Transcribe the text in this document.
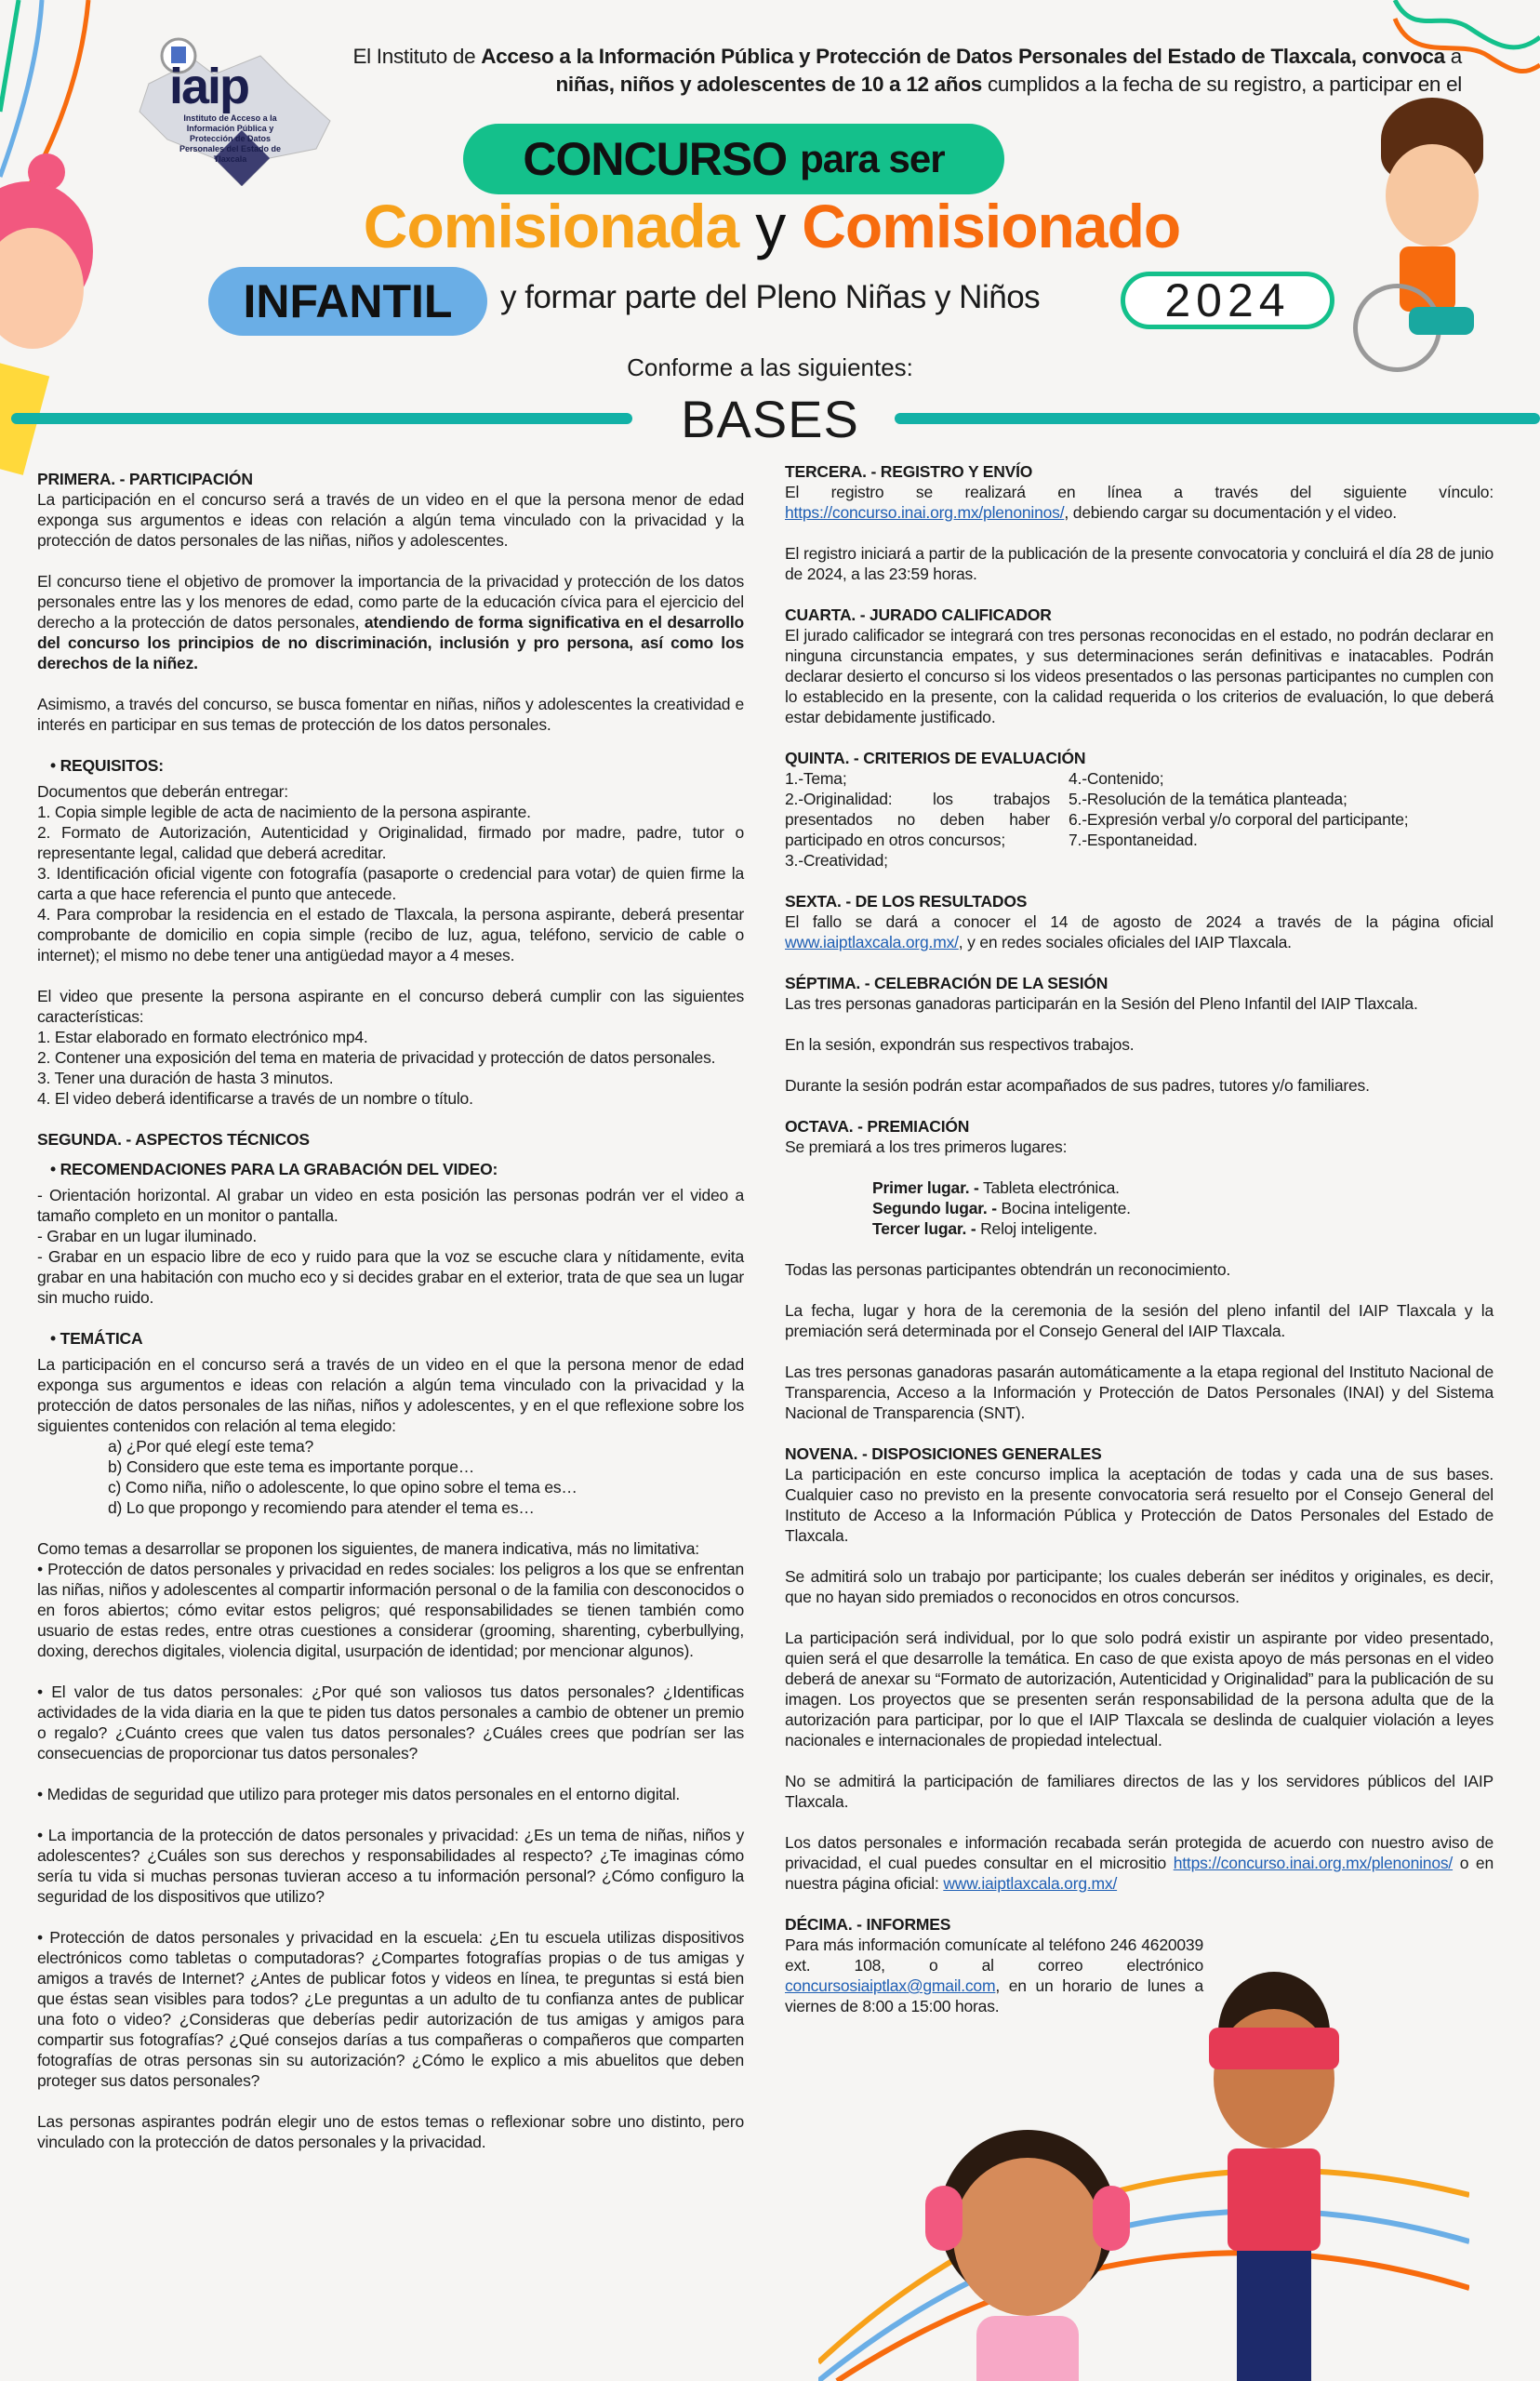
iaip
Instituto de Acceso a la Información Pública y Protección de Datos Personales del Estado de Tlaxcala
El Instituto de Acceso a la Información Pública y Protección de Datos Personales del Estado de Tlaxcala, convoca a niñas, niños y adolescentes de 10 a 12 años cumplidos a la fecha de su registro, a participar en el
CONCURSO para ser
Comisionada y Comisionado
INFANTIL	y formar parte del Pleno Niñas y Niños	2024
Conforme a las siguientes:
BASES
PRIMERA. - PARTICIPACIÓN
La participación en el concurso será a través de un video en el que la persona menor de edad exponga sus argumentos e ideas con relación a algún tema vinculado con la privacidad y la protección de datos personales de las niñas, niños y adolescentes.
El concurso tiene el objetivo de promover la importancia de la privacidad y protección de los datos personales entre las y los menores de edad, como parte de la educación cívica para el ejercicio del derecho a la protección de datos personales, atendiendo de forma significativa en el desarrollo del concurso los principios de no discriminación, inclusión y pro persona, así como los derechos de la niñez.
Asimismo, a través del concurso, se busca fomentar en niñas, niños y adolescentes la creatividad e interés en participar en sus temas de protección de los datos personales.
• REQUISITOS:
Documentos que deberán entregar:
1. Copia simple legible de acta de nacimiento de la persona aspirante.
2. Formato de Autorización, Autenticidad y Originalidad, firmado por madre, padre, tutor o representante legal, calidad que deberá acreditar.
3. Identificación oficial vigente con fotografía (pasaporte o credencial para votar) de quien firme la carta a que hace referencia el punto que antecede.
4. Para comprobar la residencia en el estado de Tlaxcala, la persona aspirante, deberá presentar comprobante de domicilio en copia simple (recibo de luz, agua, teléfono, servicio de cable o internet); el mismo no debe tener una antigüedad mayor a 4 meses.
El video que presente la persona aspirante en el concurso deberá cumplir con las siguientes características:
1. Estar elaborado en formato electrónico mp4.
2. Contener una exposición del tema en materia de privacidad y protección de datos personales.
3. Tener una duración de hasta 3 minutos.
4. El video deberá identificarse a través de un nombre o título.
SEGUNDA. - ASPECTOS TÉCNICOS
• RECOMENDACIONES PARA LA GRABACIÓN DEL VIDEO:
- Orientación horizontal. Al grabar un video en esta posición las personas podrán ver el video a tamaño completo en un monitor o pantalla.
- Grabar en un lugar iluminado.
- Grabar en un espacio libre de eco y ruido para que la voz se escuche clara y nítidamente, evita grabar en una habitación con mucho eco y si decides grabar en el exterior, trata de que sea un lugar sin mucho ruido.
• TEMÁTICA
La participación en el concurso será a través de un video en el que la persona menor de edad exponga sus argumentos e ideas con relación a algún tema vinculado con la privacidad y la protección de datos personales de las niñas, niños y adolescentes, y en el que reflexione sobre los siguientes contenidos con relación al tema elegido:
a) ¿Por qué elegí este tema?
b) Considero que este tema es importante porque…
c) Como niña, niño o adolescente, lo que opino sobre el tema es…
d) Lo que propongo y recomiendo para atender el tema es…
Como temas a desarrollar se proponen los siguientes, de manera indicativa, más no limitativa:
• Protección de datos personales y privacidad en redes sociales: los peligros a los que se enfrentan las niñas, niños y adolescentes al compartir información personal o de la familia con desconocidos o en foros abiertos; cómo evitar estos peligros; qué responsabilidades se tienen también como usuario de estas redes, entre otras cuestiones a considerar (grooming, sharenting, cyberbullying, doxing, derechos digitales, violencia digital, usurpación de identidad; por mencionar algunos).
• El valor de tus datos personales: ¿Por qué son valiosos tus datos personales? ¿Identificas actividades de la vida diaria en la que te piden tus datos personales a cambio de obtener un premio o regalo? ¿Cuánto crees que valen tus datos personales? ¿Cuáles crees que podrían ser las consecuencias de proporcionar tus datos personales?
• Medidas de seguridad que utilizo para proteger mis datos personales en el entorno digital.
• La importancia de la protección de datos personales y privacidad: ¿Es un tema de niñas, niños y adolescentes? ¿Cuáles son sus derechos y responsabilidades al respecto? ¿Te imaginas cómo sería tu vida si muchas personas tuvieran acceso a tu información personal? ¿Cómo configuro la seguridad de los dispositivos que utilizo?
• Protección de datos personales y privacidad en la escuela: ¿En tu escuela utilizas dispositivos electrónicos como tabletas o computadoras? ¿Compartes fotografías propias o de tus amigas y amigos a través de Internet? ¿Antes de publicar fotos y videos en línea, te preguntas si está bien que éstas sean visibles para todos? ¿Le preguntas a un adulto de tu confianza antes de publicar una foto o video? ¿Consideras que deberías pedir autorización de tus amigas y amigos para compartir sus fotografías? ¿Qué consejos darías a tus compañeras o compañeros que comparten fotografías de otras personas sin su autorización? ¿Cómo le explico a mis abuelitos que deben proteger sus datos personales?
Las personas aspirantes podrán elegir uno de estos temas o reflexionar sobre uno distinto, pero vinculado con la protección de datos personales y la privacidad.
TERCERA. - REGISTRO Y ENVÍO
El registro se realizará en línea a través del siguiente vínculo: https://concurso.inai.org.mx/plenoninos/, debiendo cargar su documentación y el video.
El registro iniciará a partir de la publicación de la presente convocatoria y concluirá el día 28 de junio de 2024, a las 23:59 horas.
CUARTA. - JURADO CALIFICADOR
El jurado calificador se integrará con tres personas reconocidas en el estado, no podrán declarar en ninguna circunstancia empates, y sus determinaciones serán definitivas e inatacables. Podrán declarar desierto el concurso si los videos presentados o las personas participantes no cumplen con lo establecido en la presente, con la calidad requerida o los criterios de evaluación, lo que deberá estar debidamente justificado.
QUINTA. - CRITERIOS DE EVALUACIÓN
1.-Tema;
2.-Originalidad: los trabajos presentados no deben haber participado en otros concursos;
3.-Creatividad;
4.-Contenido;
5.-Resolución de la temática planteada;
6.-Expresión verbal y/o corporal del participante;
7.-Espontaneidad.
SEXTA. - DE LOS RESULTADOS
El fallo se dará a conocer el 14 de agosto de 2024 a través de la página oficial www.iaiptlaxcala.org.mx/, y en redes sociales oficiales del IAIP Tlaxcala.
SÉPTIMA. - CELEBRACIÓN DE LA SESIÓN
Las tres personas ganadoras participarán en la Sesión del Pleno Infantil del IAIP Tlaxcala.
En la sesión, expondrán sus respectivos trabajos.
Durante la sesión podrán estar acompañados de sus padres, tutores y/o familiares.
OCTAVA. - PREMIACIÓN
Se premiará a los tres primeros lugares:
Primer lugar. - Tableta electrónica.
Segundo lugar. - Bocina inteligente.
Tercer lugar. - Reloj inteligente.
Todas las personas participantes obtendrán un reconocimiento.
La fecha, lugar y hora de la ceremonia de la sesión del pleno infantil del IAIP Tlaxcala y la premiación será determinada por el Consejo General del IAIP Tlaxcala.
Las tres personas ganadoras pasarán automáticamente a la etapa regional del Instituto Nacional de Transparencia, Acceso a la Información y Protección de Datos Personales (INAI) y del Sistema Nacional de Transparencia (SNT).
NOVENA. - DISPOSICIONES GENERALES
La participación en este concurso implica la aceptación de todas y cada una de sus bases. Cualquier caso no previsto en la presente convocatoria será resuelto por el Consejo General del Instituto de Acceso a la Información Pública y Protección de Datos Personales del Estado de Tlaxcala.
Se admitirá solo un trabajo por participante; los cuales deberán ser inéditos y originales, es decir, que no hayan sido premiados o reconocidos en otros concursos.
La participación será individual, por lo que solo podrá existir un aspirante por video presentado, quien será el que desarrolle la temática. En caso de que exista apoyo de más personas en el video deberá de anexar su “Formato de autorización, Autenticidad y Originalidad” para la publicación de su imagen. Los proyectos que se presenten serán responsabilidad de la persona adulta que de la autorización para participar, por lo que el IAIP Tlaxcala se deslinda de cualquier violación a leyes nacionales e internacionales de propiedad intelectual.
No se admitirá la participación de familiares directos de las y los servidores públicos del IAIP Tlaxcala.
Los datos personales e información recabada serán protegida de acuerdo con nuestro aviso de privacidad, el cual puedes consultar en el micrositio https://concurso.inai.org.mx/plenoninos/ o en nuestra página oficial: www.iaiptlaxcala.org.mx/
DÉCIMA. - INFORMES
Para más información comunícate al teléfono 246 4620039 ext. 108, o al correo electrónico concursosiaiptlax@gmail.com, en un horario de lunes a viernes de 8:00 a 15:00 horas.
